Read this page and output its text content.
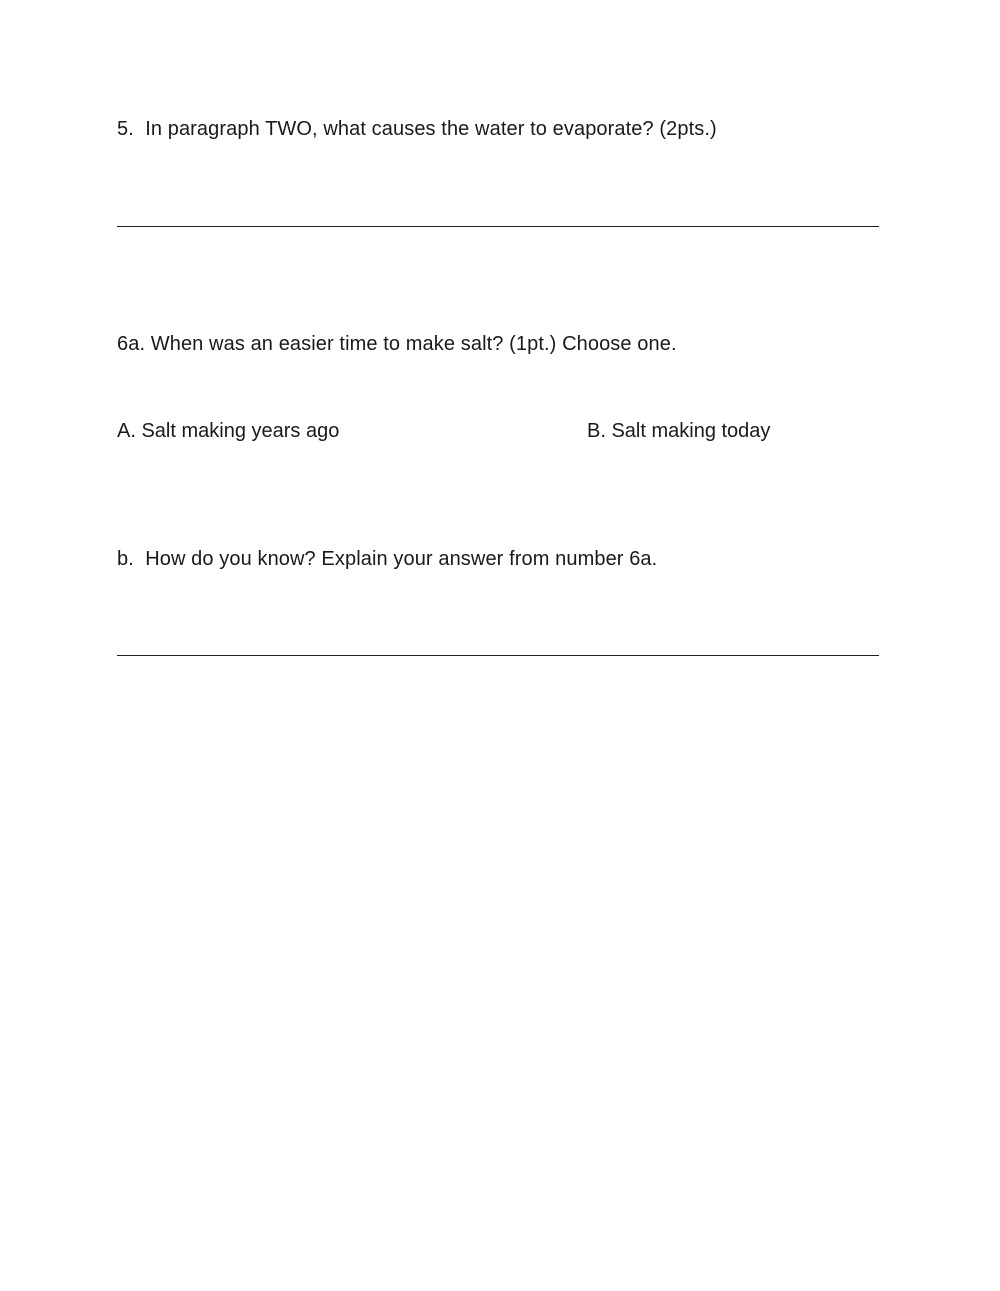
5.  In paragraph TWO, what causes the water to evaporate? (2pts.)
6a. When was an easier time to make salt? (1pt.) Choose one.
A. Salt making years ago	B. Salt making today
b.  How do you know? Explain your answer from number 6a.
